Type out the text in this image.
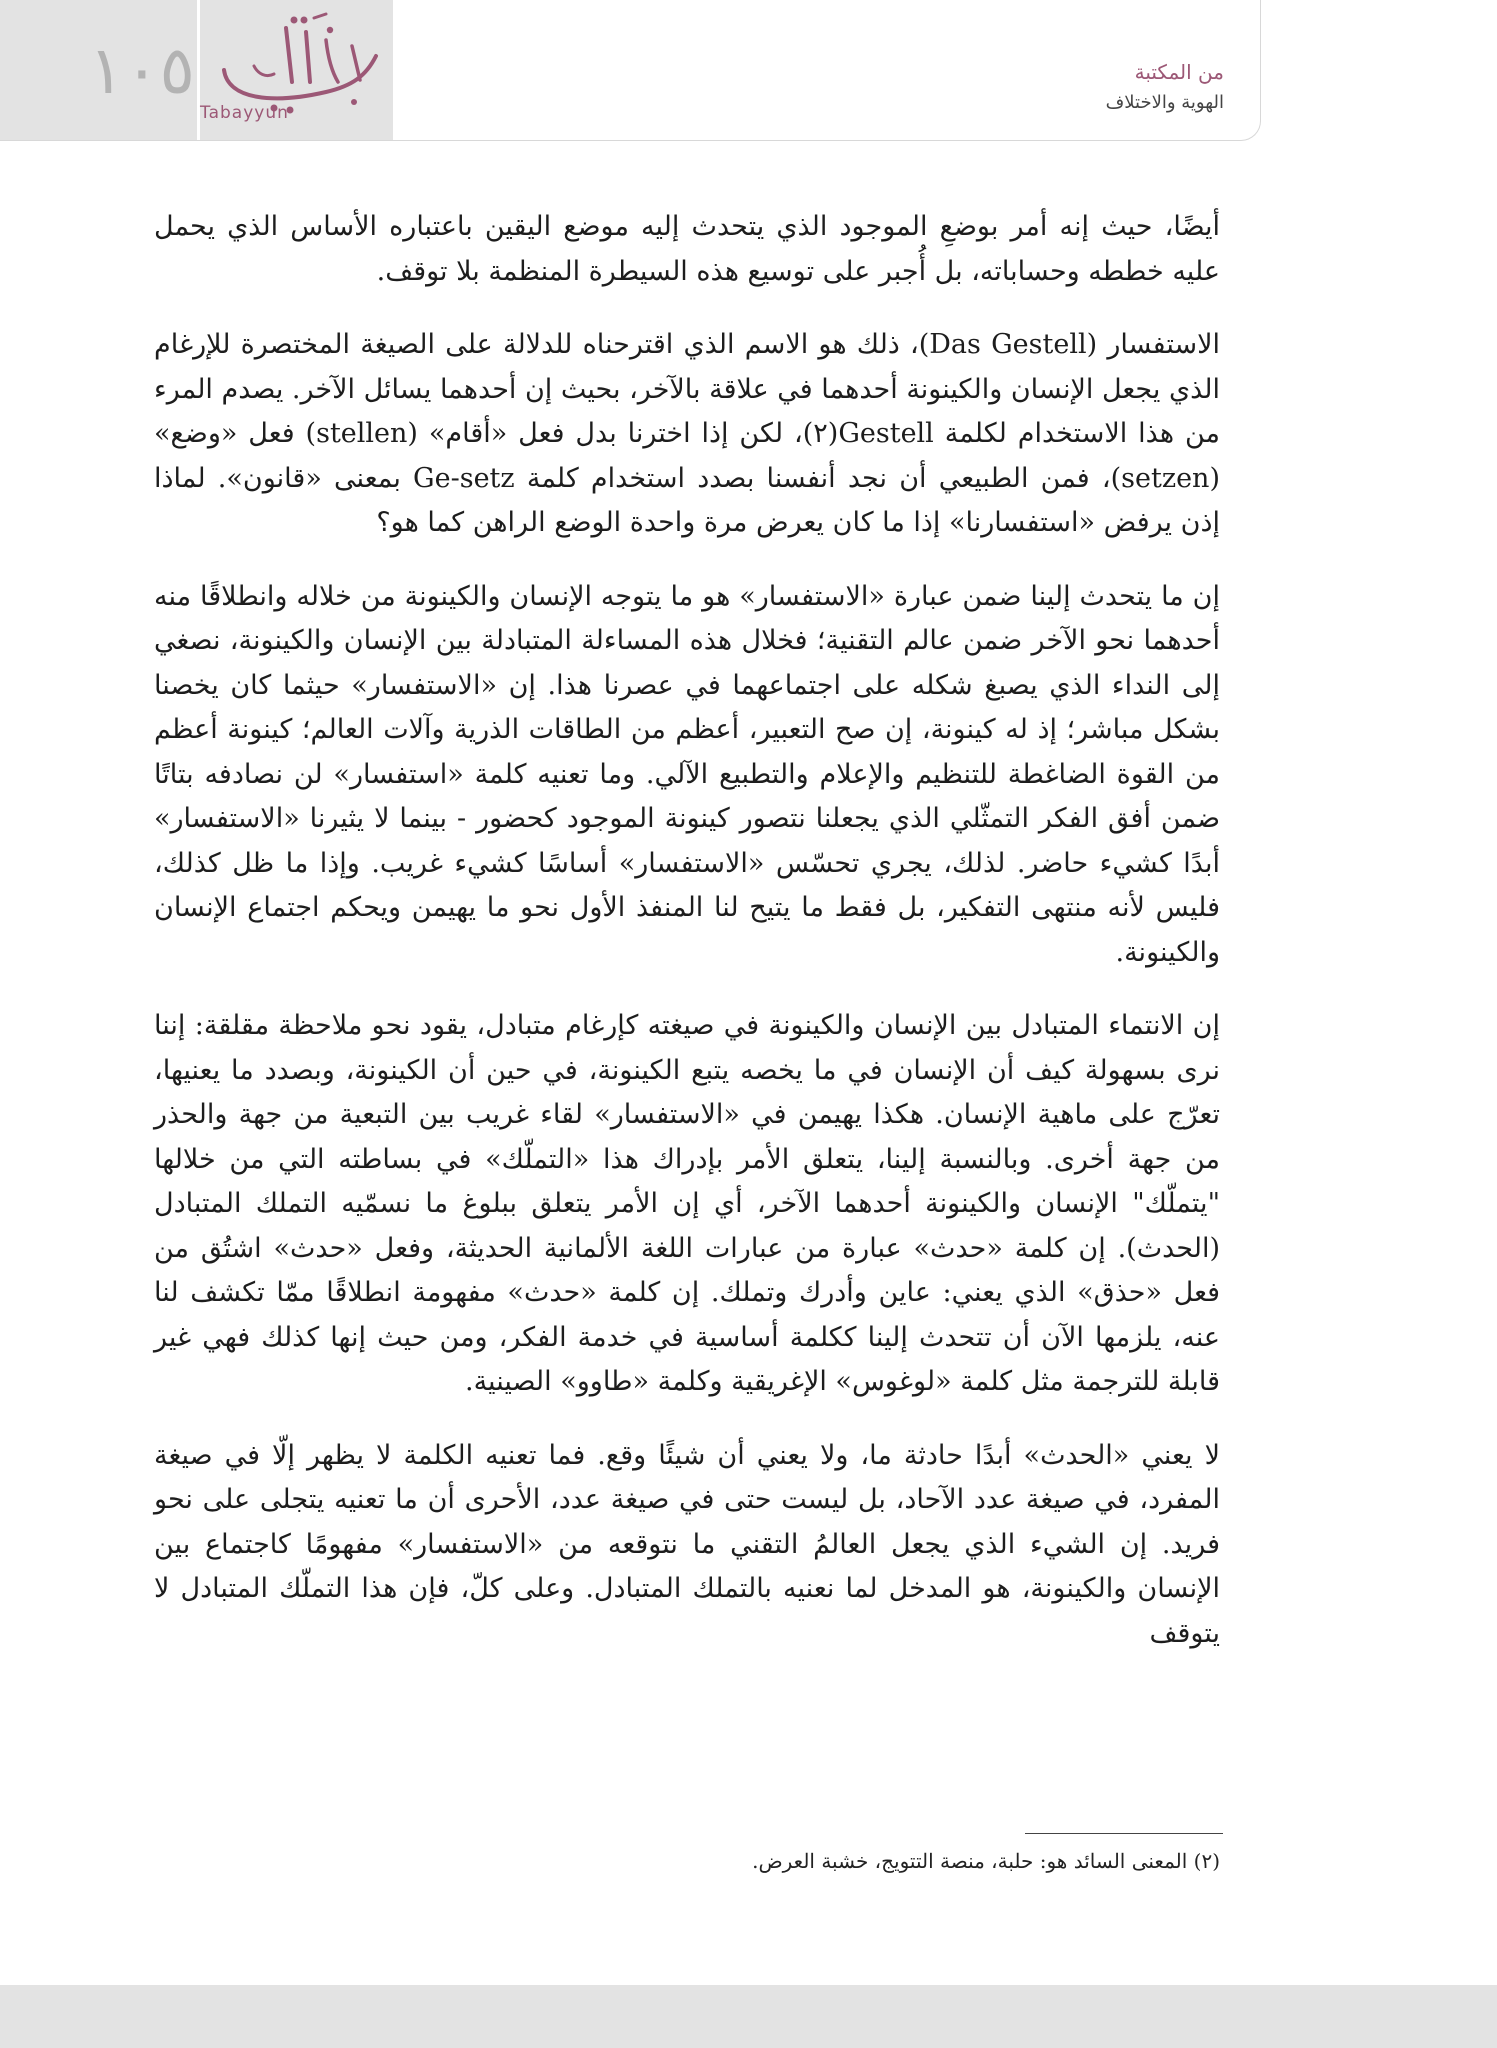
١٠٥
Tabayyun
من المكتبة
الهوية والاختلاف

أيضًا، حيث إنه أمر بوضعِ الموجود الذي يتحدث إليه موضع اليقين باعتباره الأساس الذي يحمل عليه خططه وحساباته، بل أُجبر على توسيع هذه السيطرة المنظمة بلا توقف.

الاستفسار (Das Gestell)، ذلك هو الاسم الذي اقترحناه للدلالة على الصيغة المختصرة للإرغام الذي يجعل الإنسان والكينونة أحدهما في علاقة بالآخر، بحيث إن أحدهما يسائل الآخر. يصدم المرء من هذا الاستخدام لكلمة Gestell(٢)، لكن إذا اخترنا بدل فعل «أقام» (stellen) فعل «وضع» (setzen)، فمن الطبيعي أن نجد أنفسنا بصدد استخدام كلمة Ge-setz بمعنى «قانون». لماذا إذن يرفض «استفسارنا» إذا ما كان يعرض مرة واحدة الوضع الراهن كما هو؟

إن ما يتحدث إلينا ضمن عبارة «الاستفسار» هو ما يتوجه الإنسان والكينونة من خلاله وانطلاقًا منه أحدهما نحو الآخر ضمن عالم التقنية؛ فخلال هذه المساءلة المتبادلة بين الإنسان والكينونة، نصغي إلى النداء الذي يصبغ شكله على اجتماعهما في عصرنا هذا. إن «الاستفسار» حيثما كان يخصنا بشكل مباشر؛ إذ له كينونة، إن صح التعبير، أعظم من الطاقات الذرية وآلات العالم؛ كينونة أعظم من القوة الضاغطة للتنظيم والإعلام والتطبيع الآلي. وما تعنيه كلمة «استفسار» لن نصادفه بتاتًا ضمن أفق الفكر التمثّلي الذي يجعلنا نتصور كينونة الموجود كحضور - بينما لا يثيرنا «الاستفسار» أبدًا كشيء حاضر. لذلك، يجري تحسّس «الاستفسار» أساسًا كشيء غريب. وإذا ما ظل كذلك، فليس لأنه منتهى التفكير، بل فقط ما يتيح لنا المنفذ الأول نحو ما يهيمن ويحكم اجتماع الإنسان والكينونة.

إن الانتماء المتبادل بين الإنسان والكينونة في صيغته كإرغام متبادل، يقود نحو ملاحظة مقلقة: إننا نرى بسهولة كيف أن الإنسان في ما يخصه يتبع الكينونة، في حين أن الكينونة، وبصدد ما يعنيها، تعرّج على ماهية الإنسان. هكذا يهيمن في «الاستفسار» لقاء غريب بين التبعية من جهة والحذر من جهة أخرى. وبالنسبة إلينا، يتعلق الأمر بإدراك هذا «التملّك» في بساطته التي من خلالها "يتملّك" الإنسان والكينونة أحدهما الآخر، أي إن الأمر يتعلق ببلوغ ما نسمّيه التملك المتبادل (الحدث). إن كلمة «حدث» عبارة من عبارات اللغة الألمانية الحديثة، وفعل «حدث» اشتُق من فعل «حذق» الذي يعني: عاين وأدرك وتملك. إن كلمة «حدث» مفهومة انطلاقًا ممّا تكشف لنا عنه، يلزمها الآن أن تتحدث إلينا ككلمة أساسية في خدمة الفكر، ومن حيث إنها كذلك فهي غير قابلة للترجمة مثل كلمة «لوغوس» الإغريقية وكلمة «طاوو» الصينية.

لا يعني «الحدث» أبدًا حادثة ما، ولا يعني أن شيئًا وقع. فما تعنيه الكلمة لا يظهر إلّا في صيغة المفرد، في صيغة عدد الآحاد، بل ليست حتى في صيغة عدد، الأحرى أن ما تعنيه يتجلى على نحو فريد. إن الشيء الذي يجعل العالمُ التقني ما نتوقعه من «الاستفسار» مفهومًا كاجتماع بين الإنسان والكينونة، هو المدخل لما نعنيه بالتملك المتبادل. وعلى كلّ، فإن هذا التملّك المتبادل لا يتوقف

(٢) المعنى السائد هو: حلبة، منصة التتويج، خشبة العرض.
